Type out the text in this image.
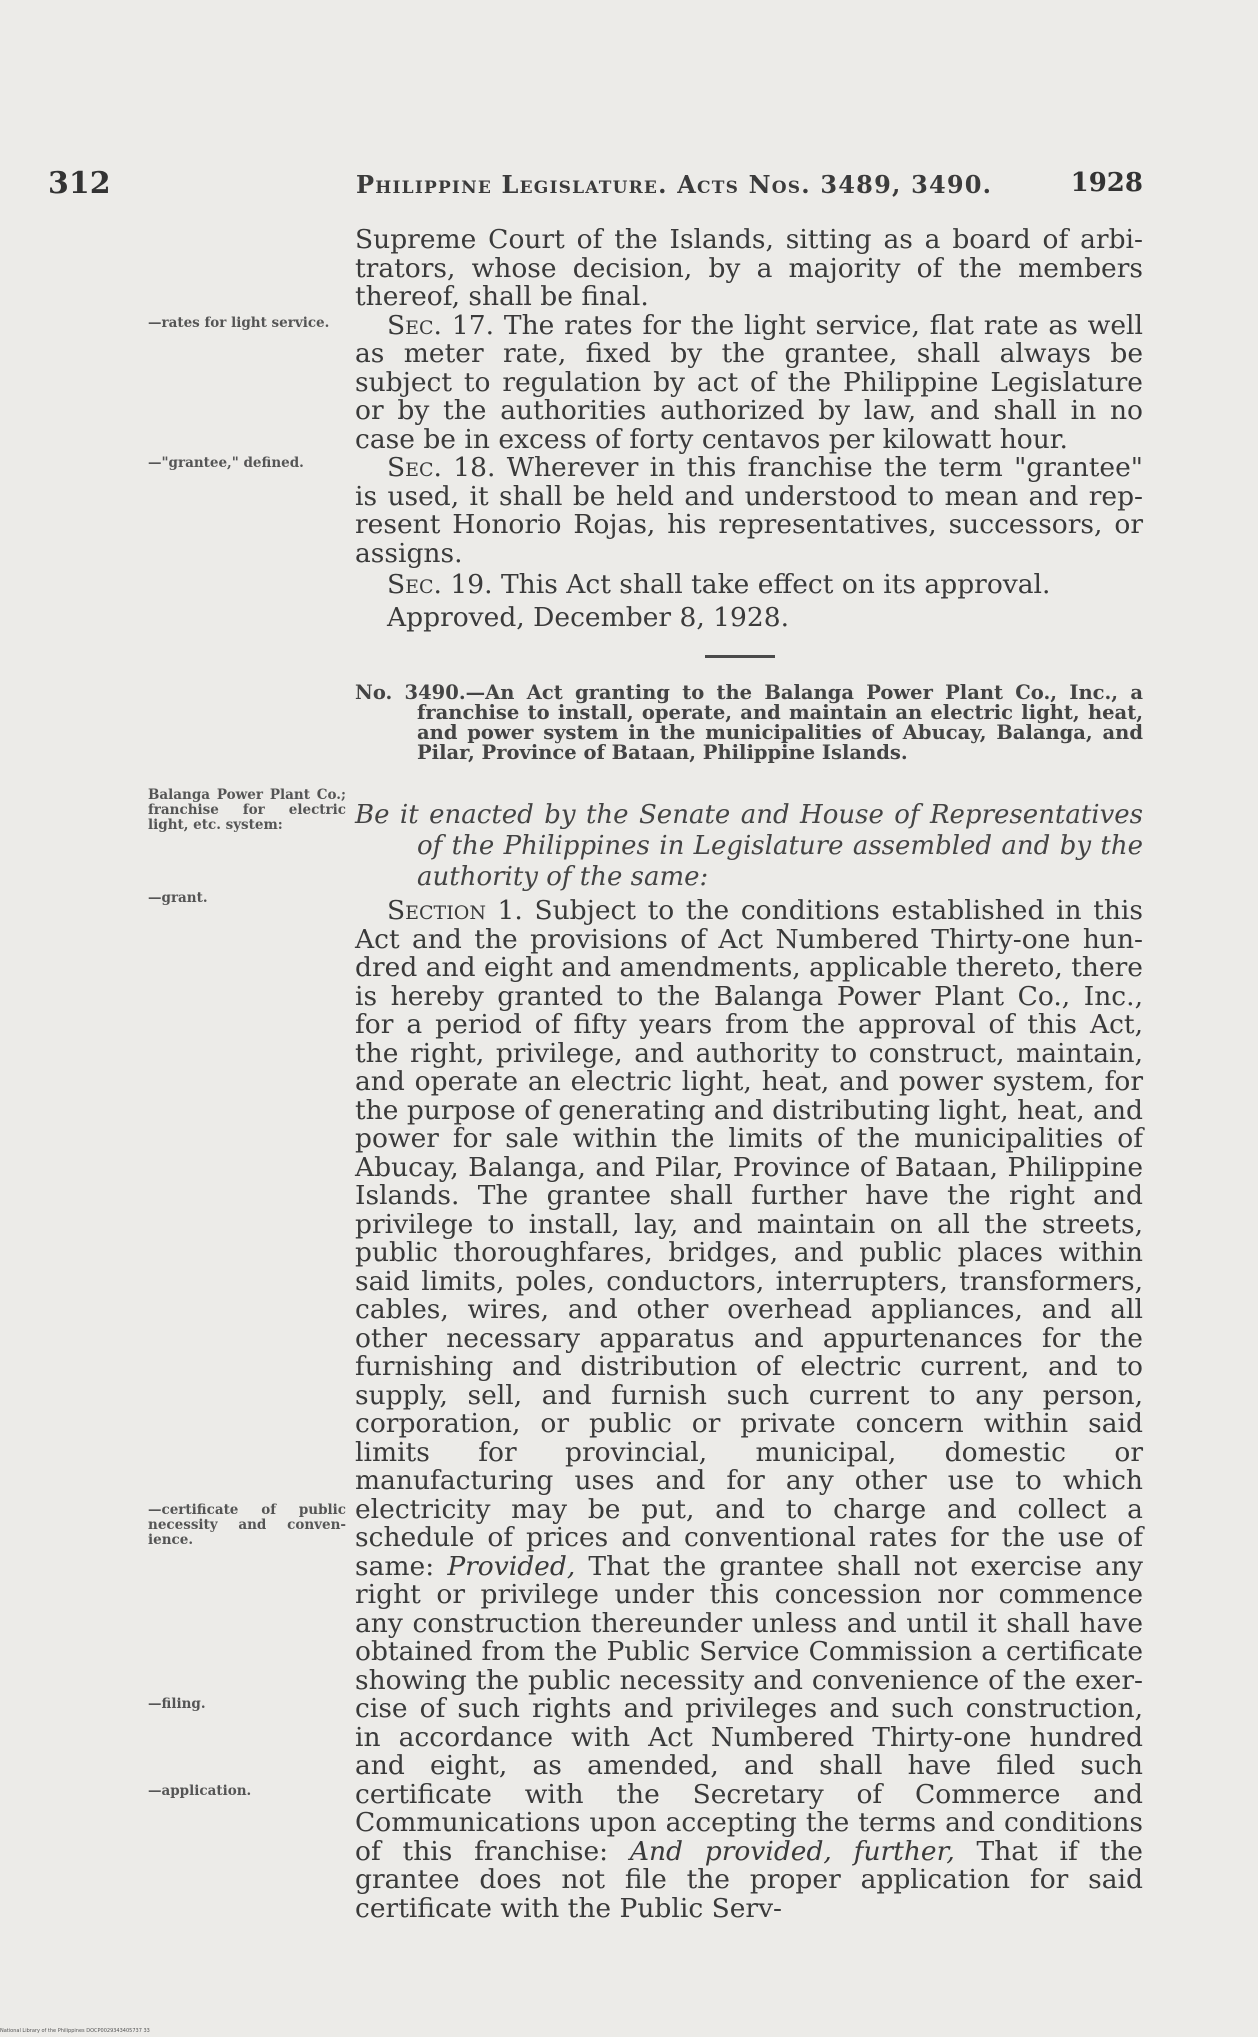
312	Philippine Legislature. Acts Nos. 3489, 3490.	1928

—rates for light service.

—"grantee," defined.

Balanga Power Plant Co.; franchise for electric light, etc. system:

—grant.

—certificate of public necessity and convenience.

—filing.

—application.

Supreme Court of the Islands, sitting as a board of arbitrators, whose decision, by a majority of the members thereof, shall be final.

Sec. 17. The rates for the light service, flat rate as well as meter rate, fixed by the grantee, shall always be subject to regulation by act of the Philippine Legislature or by the authorities authorized by law, and shall in no case be in excess of forty centavos per kilowatt hour.

Sec. 18. Wherever in this franchise the term "grantee" is used, it shall be held and understood to mean and represent Honorio Rojas, his representatives, successors, or assigns.

Sec. 19. This Act shall take effect on its approval.

Approved, December 8, 1928.

No. 3490.—An Act granting to the Balanga Power Plant Co., Inc., a franchise to install, operate, and maintain an electric light, heat, and power system in the municipalities of Abucay, Balanga, and Pilar, Province of Bataan, Philippine Islands.

Be it enacted by the Senate and House of Representatives of the Philippines in Legislature assembled and by the authority of the same:

Section 1. Subject to the conditions established in this Act and the provisions of Act Numbered Thirty-one hundred and eight and amendments, applicable thereto, there is hereby granted to the Balanga Power Plant Co., Inc., for a period of fifty years from the approval of this Act, the right, privilege, and authority to construct, maintain, and operate an electric light, heat, and power system, for the purpose of generating and distributing light, heat, and power for sale within the limits of the municipalities of Abucay, Balanga, and Pilar, Province of Bataan, Philippine Islands. The grantee shall further have the right and privilege to install, lay, and maintain on all the streets, public thoroughfares, bridges, and public places within said limits, poles, conductors, interrupters, transformers, cables, wires, and other overhead appliances, and all other necessary apparatus and appurtenances for the furnishing and distribution of electric current, and to supply, sell, and furnish such current to any person, corporation, or public or private concern within said limits for provincial, municipal, domestic or manufacturing uses and for any other use to which electricity may be put, and to charge and collect a schedule of prices and conventional rates for the use of same: Provided, That the grantee shall not exercise any right or privilege under this concession nor commence any construction thereunder unless and until it shall have obtained from the Public Service Commission a certificate showing the public necessity and convenience of the exercise of such rights and privileges and such construction, in accordance with Act Numbered Thirty-one hundred and eight, as amended, and shall have filed such certificate with the Secretary of Commerce and Communications upon accepting the terms and conditions of this franchise: And provided, further, That if the grantee does not file the proper application for said certificate with the Public Serv-

National Library of the Philippines DOCP0029343405737 33
